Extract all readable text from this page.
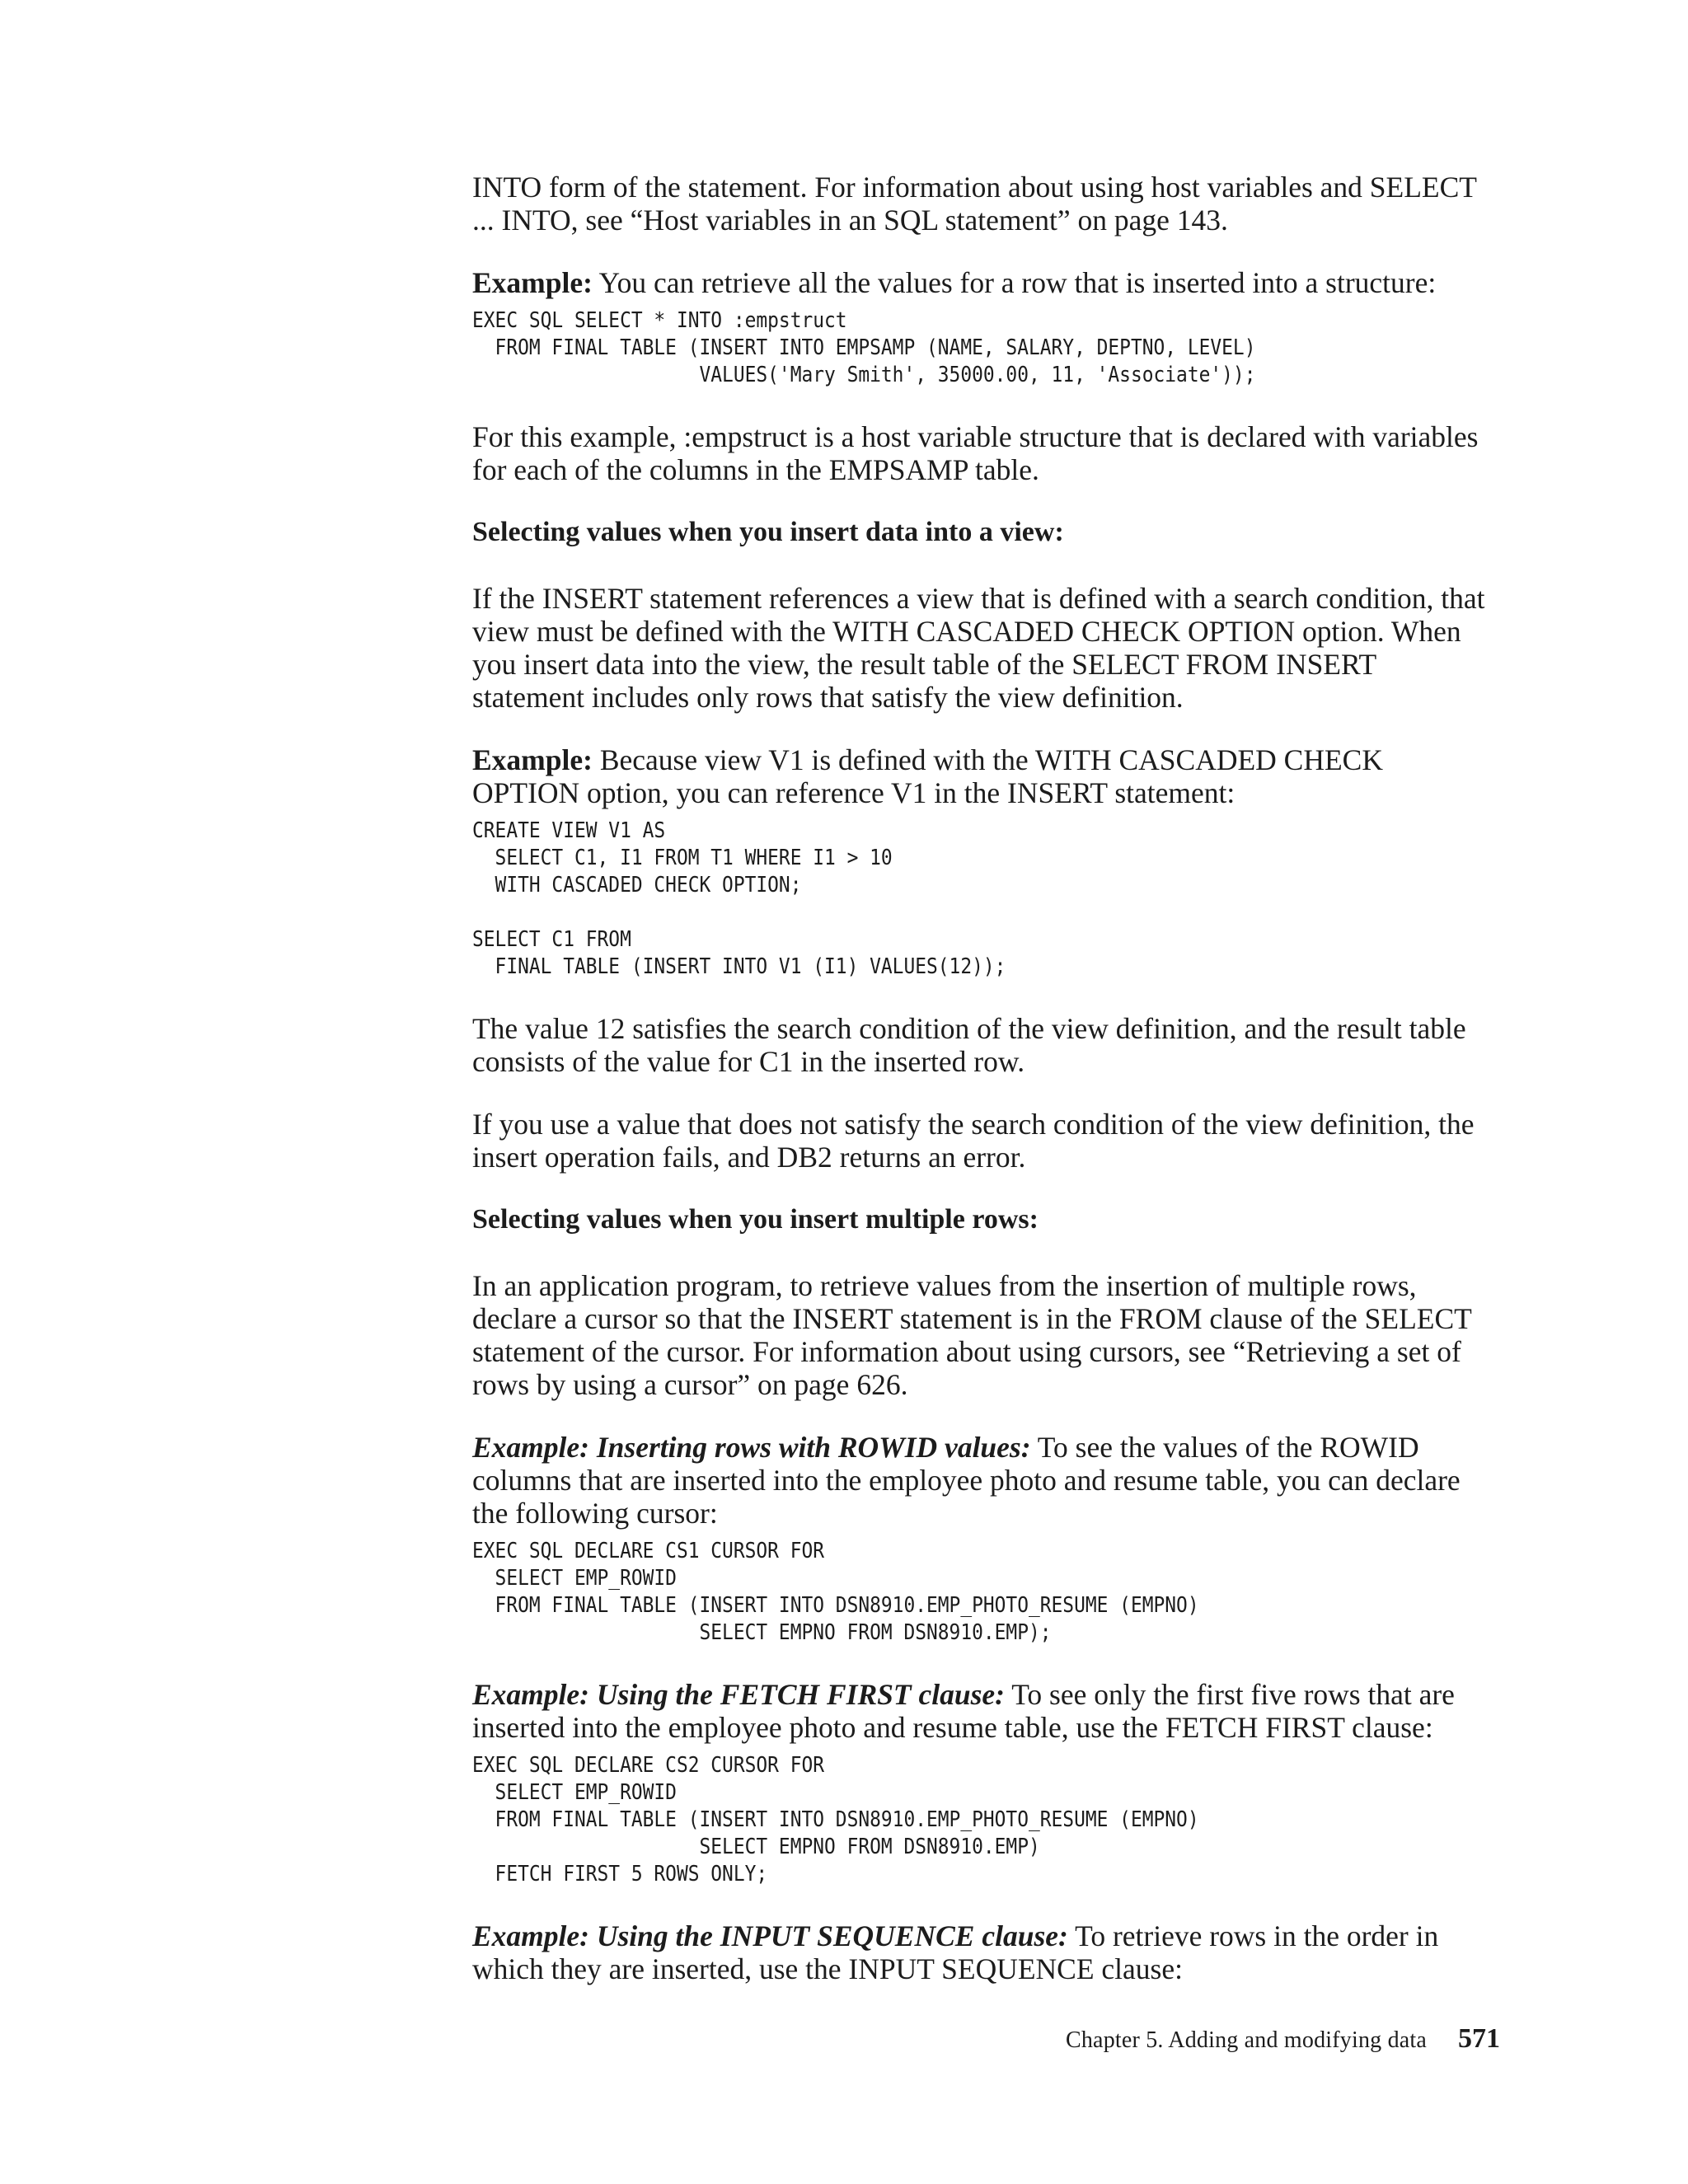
INTO form of the statement. For information about using host variables and SELECT ... INTO, see “Host variables in an SQL statement” on page 143.

Example: You can retrieve all the values for a row that is inserted into a structure:

EXEC SQL SELECT * INTO :empstruct
FROM FINAL TABLE (INSERT INTO EMPSAMP (NAME, SALARY, DEPTNO, LEVEL)
VALUES('Mary Smith', 35000.00, 11, 'Associate'));

For this example, :empstruct is a host variable structure that is declared with variables for each of the columns in the EMPSAMP table.

Selecting values when you insert data into a view:

If the INSERT statement references a view that is defined with a search condition, that view must be defined with the WITH CASCADED CHECK OPTION option. When you insert data into the view, the result table of the SELECT FROM INSERT statement includes only rows that satisfy the view definition.

Example: Because view V1 is defined with the WITH CASCADED CHECK OPTION option, you can reference V1 in the INSERT statement:

CREATE VIEW V1 AS
SELECT C1, I1 FROM T1 WHERE I1 > 10
WITH CASCADED CHECK OPTION;

SELECT C1 FROM
FINAL TABLE (INSERT INTO V1 (I1) VALUES(12));

The value 12 satisfies the search condition of the view definition, and the result table consists of the value for C1 in the inserted row.

If you use a value that does not satisfy the search condition of the view definition, the insert operation fails, and DB2 returns an error.

Selecting values when you insert multiple rows:

In an application program, to retrieve values from the insertion of multiple rows, declare a cursor so that the INSERT statement is in the FROM clause of the SELECT statement of the cursor. For information about using cursors, see “Retrieving a set of rows by using a cursor” on page 626.

Example: Inserting rows with ROWID values: To see the values of the ROWID columns that are inserted into the employee photo and resume table, you can declare the following cursor:

EXEC SQL DECLARE CS1 CURSOR FOR
SELECT EMP_ROWID
FROM FINAL TABLE (INSERT INTO DSN8910.EMP_PHOTO_RESUME (EMPNO)
SELECT EMPNO FROM DSN8910.EMP);

Example: Using the FETCH FIRST clause: To see only the first five rows that are inserted into the employee photo and resume table, use the FETCH FIRST clause:

EXEC SQL DECLARE CS2 CURSOR FOR
SELECT EMP_ROWID
FROM FINAL TABLE (INSERT INTO DSN8910.EMP_PHOTO_RESUME (EMPNO)
SELECT EMPNO FROM DSN8910.EMP)
FETCH FIRST 5 ROWS ONLY;

Example: Using the INPUT SEQUENCE clause: To retrieve rows in the order in which they are inserted, use the INPUT SEQUENCE clause:

Chapter 5. Adding and modifying data 571
